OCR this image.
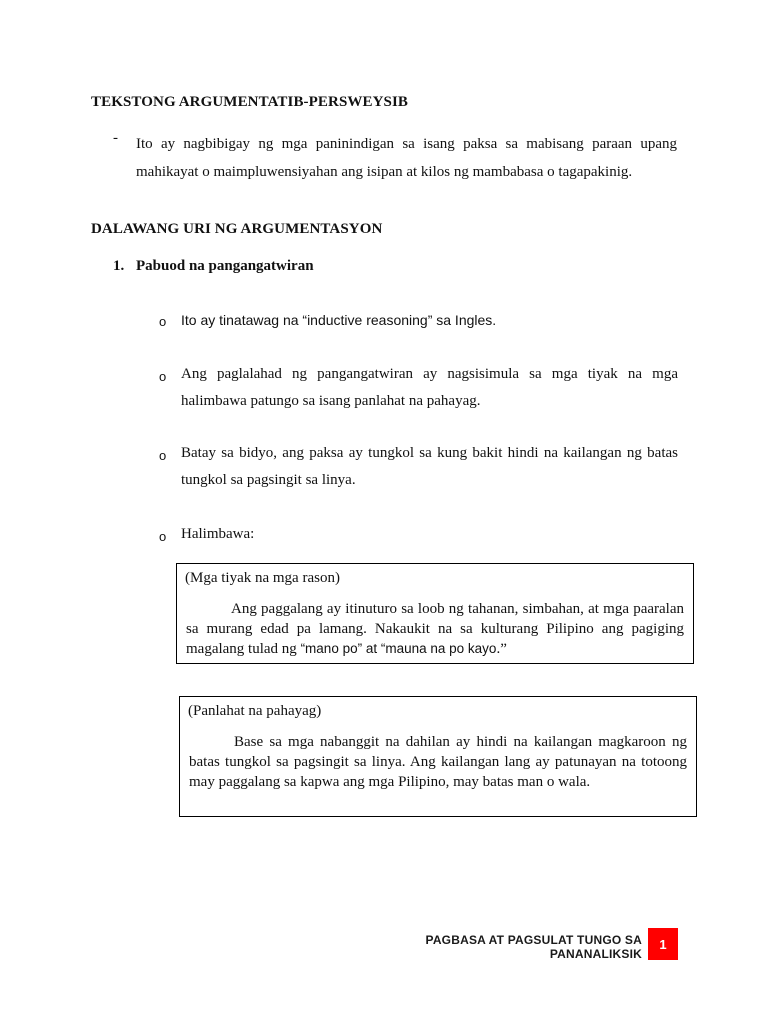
TEKSTONG ARGUMENTATIB-PERSWEYSIB
- Ito ay nagbibigay ng mga paninindigan sa isang paksa sa mabisang paraan upang mahikayat o maimpluwensiyahan ang isipan at kilos ng mambabasa o tagapakinig.
DALAWANG URI NG ARGUMENTASYON
1. Pabuod na pangangatwiran
o Ito ay tinatawag na “inductive reasoning” sa Ingles.
o Ang paglalahad ng pangangatwiran ay nagsisimula sa mga tiyak na mga halimbawa patungo sa isang panlahat na pahayag.
o Batay sa bidyo, ang paksa ay tungkol sa kung bakit hindi na kailangan ng batas tungkol sa pagsingit sa linya.
o Halimbawa:
(Mga tiyak na mga rason)
Ang paggalang ay itinuturo sa loob ng tahanan, simbahan, at mga paaralan sa murang edad pa lamang. Nakaukit na sa kulturang Pilipino ang pagiging magalang tulad ng “mano po” at “mauna na po kayo.”
(Panlahat na pahayag)
Base sa mga nabanggit na dahilan ay hindi na kailangan magkaroon ng batas tungkol sa pagsingit sa linya. Ang kailangan lang ay patunayan na totoong may paggalang sa kapwa ang mga Pilipino, may batas man o wala.
PAGBASA AT PAGSULAT TUNGO SA PANANALIKSIK
1
